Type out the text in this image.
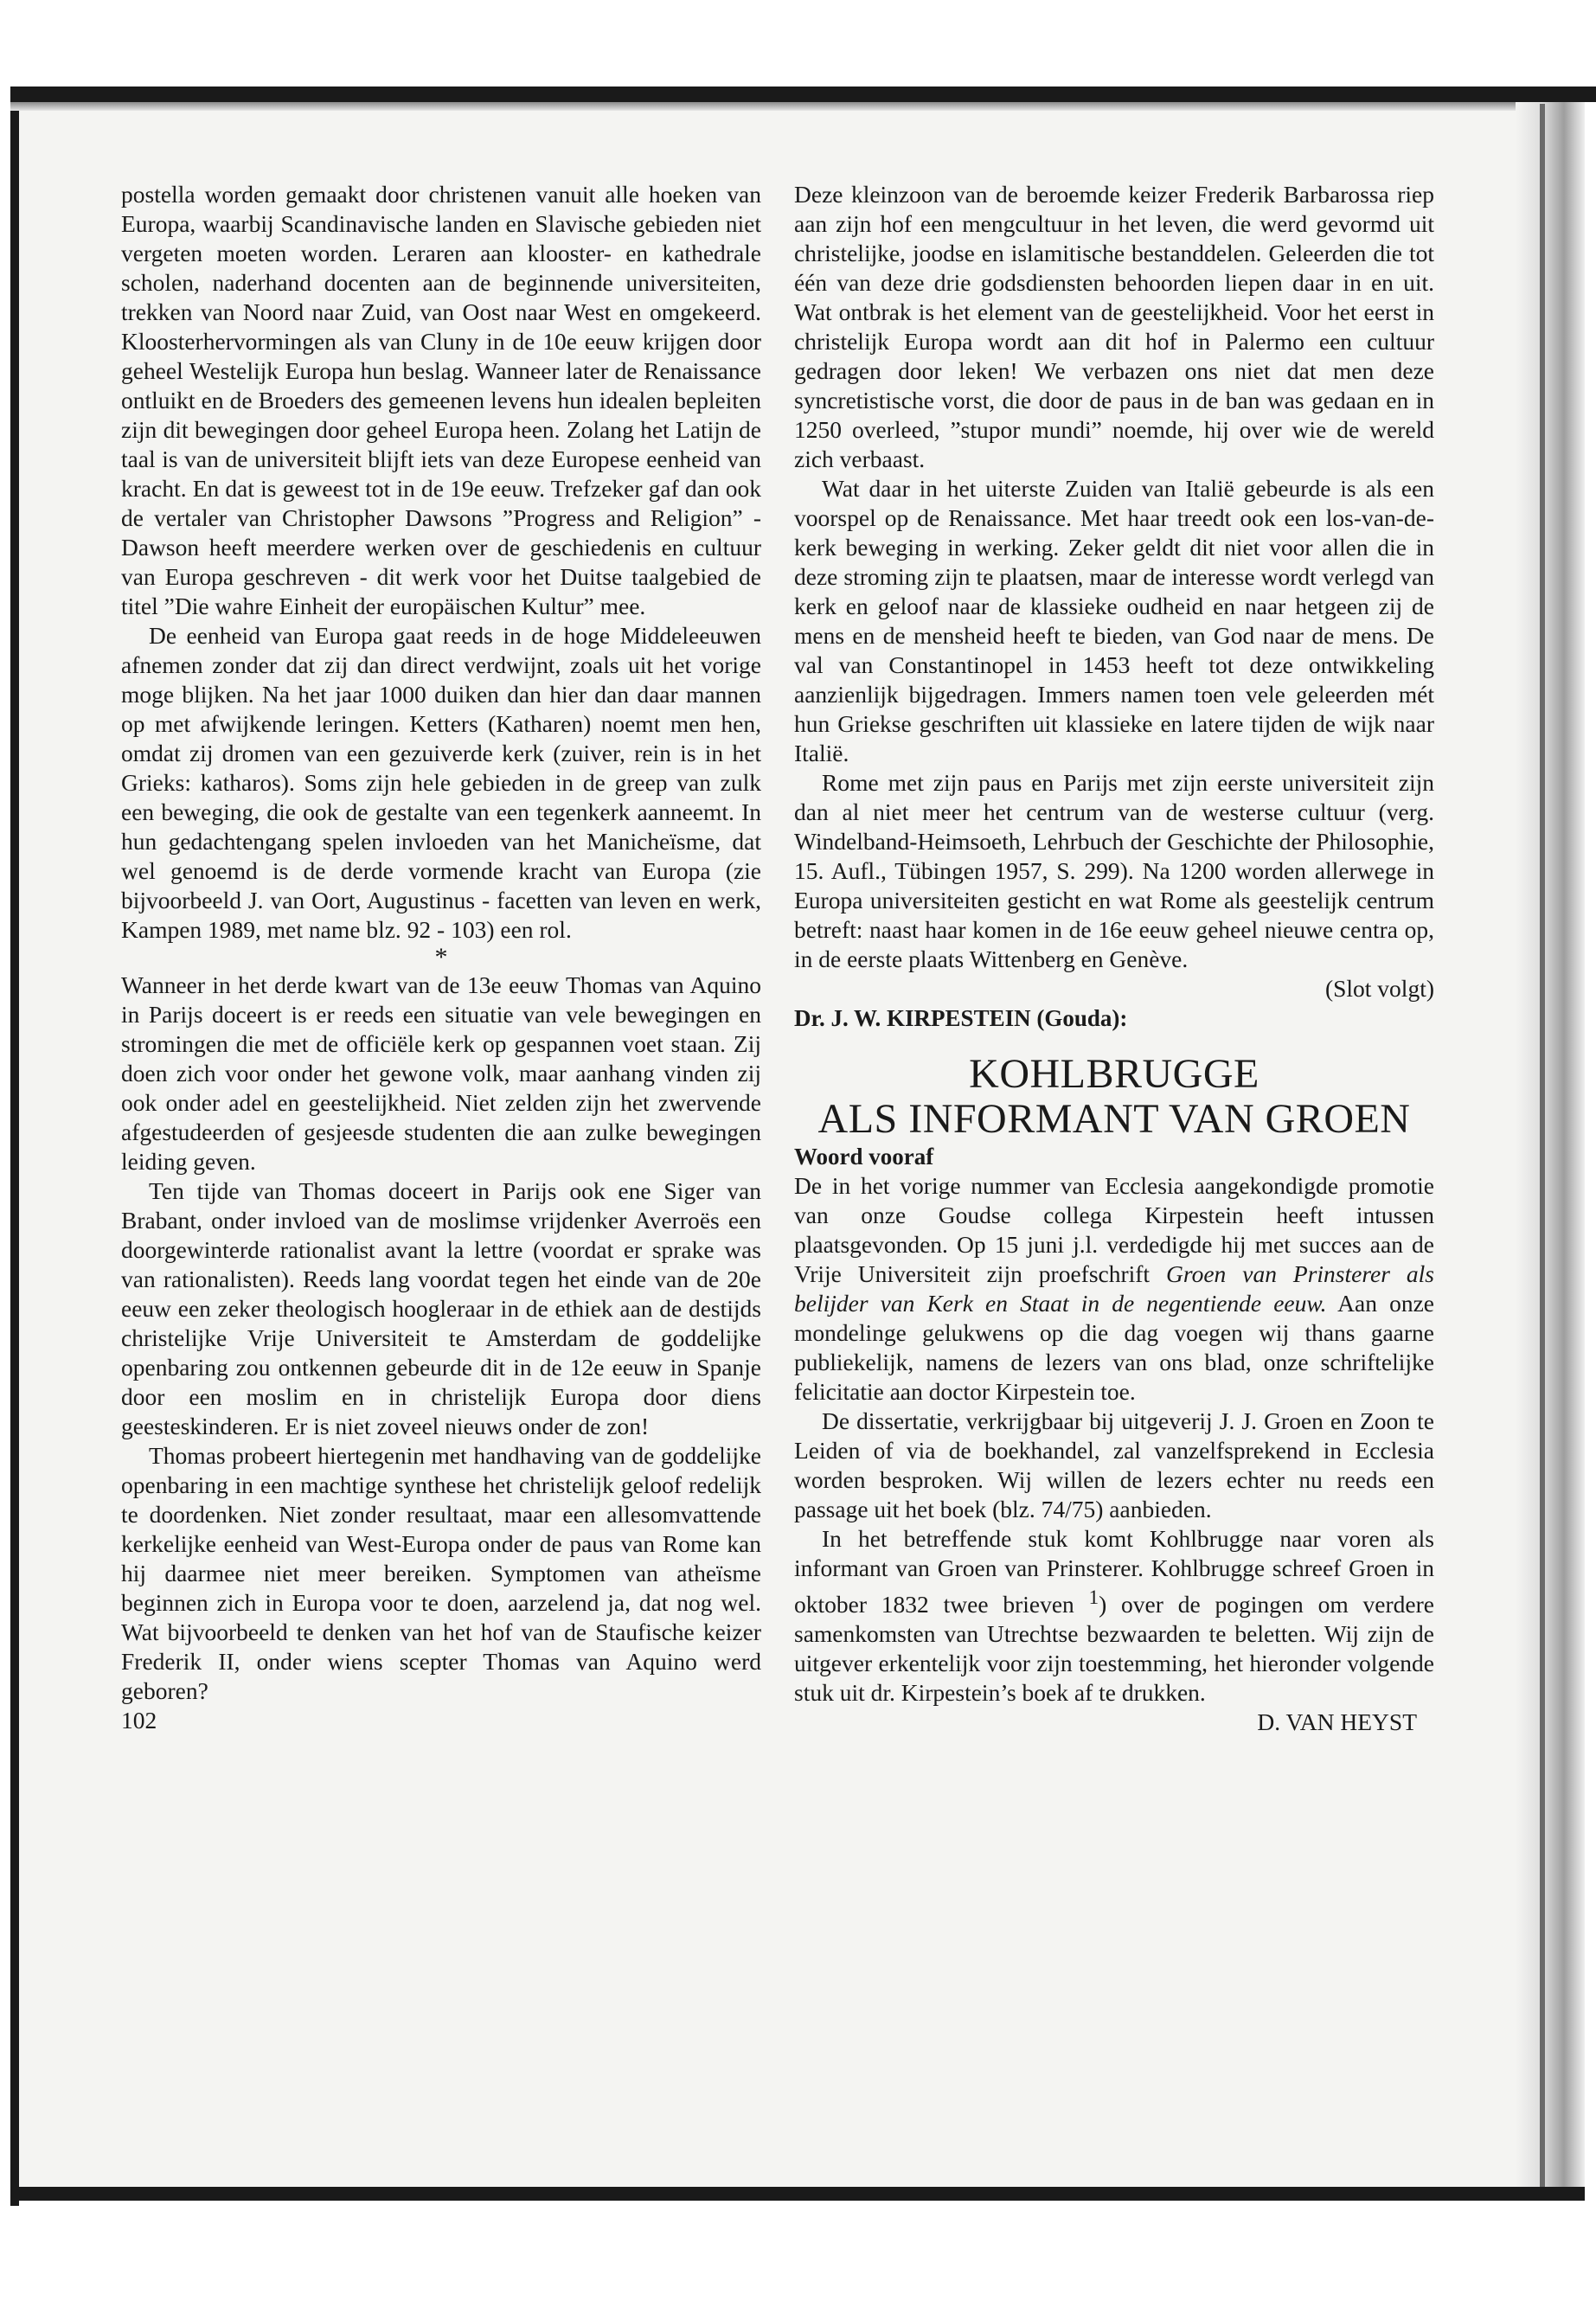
postella worden gemaakt door christenen vanuit alle hoeken van Europa, waarbij Scandinavische landen en Slavische gebieden niet vergeten moeten worden. Leraren aan klooster- en kathedrale scholen, naderhand docenten aan de beginnende universiteiten, trekken van Noord naar Zuid, van Oost naar West en omgekeerd. Kloosterhervormingen als van Cluny in de 10e eeuw krijgen door geheel Westelijk Europa hun beslag. Wanneer later de Renaissance ontluikt en de Broeders des gemeenen levens hun idealen bepleiten zijn dit bewegingen door geheel Europa heen. Zolang het Latijn de taal is van de universiteit blijft iets van deze Europese eenheid van kracht. En dat is geweest tot in de 19e eeuw. Trefzeker gaf dan ook de vertaler van Christopher Dawsons ”Progress and Religion” - Dawson heeft meerdere werken over de geschiedenis en cultuur van Europa geschreven - dit werk voor het Duitse taalgebied de titel ”Die wahre Einheit der europäischen Kultur” mee.

De eenheid van Europa gaat reeds in de hoge Middeleeuwen afnemen zonder dat zij dan direct verdwijnt, zoals uit het vorige moge blijken. Na het jaar 1000 duiken dan hier dan daar mannen op met afwijkende leringen. Ketters (Katharen) noemt men hen, omdat zij dromen van een gezuiverde kerk (zuiver, rein is in het Grieks: katharos). Soms zijn hele gebieden in de greep van zulk een beweging, die ook de gestalte van een tegenkerk aanneemt. In hun gedachtengang spelen invloeden van het Manicheïsme, dat wel genoemd is de derde vormende kracht van Europa (zie bijvoorbeeld J. van Oort, Augustinus - facetten van leven en werk, Kampen 1989, met name blz. 92 - 103) een rol.

*

Wanneer in het derde kwart van de 13e eeuw Thomas van Aquino in Parijs doceert is er reeds een situatie van vele bewegingen en stromingen die met de officiële kerk op gespannen voet staan. Zij doen zich voor onder het gewone volk, maar aanhang vinden zij ook onder adel en geestelijkheid. Niet zelden zijn het zwervende afgestudeerden of gesjeesde studenten die aan zulke bewegingen leiding geven.

Ten tijde van Thomas doceert in Parijs ook ene Siger van Brabant, onder invloed van de moslimse vrijdenker Averroës een doorgewinterde rationalist avant la lettre (voordat er sprake was van rationalisten). Reeds lang voordat tegen het einde van de 20e eeuw een zeker theologisch hoogleraar in de ethiek aan de destijds christelijke Vrije Universiteit te Amsterdam de goddelijke openbaring zou ontkennen gebeurde dit in de 12e eeuw in Spanje door een moslim en in christelijk Europa door diens geesteskinderen. Er is niet zoveel nieuws onder de zon!

Thomas probeert hiertegenin met handhaving van de goddelijke openbaring in een machtige synthese het christelijk geloof redelijk te doordenken. Niet zonder resultaat, maar een allesomvattende kerkelijke eenheid van West-Europa onder de paus van Rome kan hij daarmee niet meer bereiken. Symptomen van atheïsme beginnen zich in Europa voor te doen, aarzelend ja, dat nog wel. Wat bijvoorbeeld te denken van het hof van de Staufische keizer Frederik II, onder wiens scepter Thomas van Aquino werd geboren?

102

Deze kleinzoon van de beroemde keizer Frederik Barbarossa riep aan zijn hof een mengcultuur in het leven, die werd gevormd uit christelijke, joodse en islamitische bestanddelen. Geleerden die tot één van deze drie godsdiensten behoorden liepen daar in en uit. Wat ontbrak is het element van de geestelijkheid. Voor het eerst in christelijk Europa wordt aan dit hof in Palermo een cultuur gedragen door leken! We verbazen ons niet dat men deze syncretistische vorst, die door de paus in de ban was gedaan en in 1250 overleed, ”stupor mundi” noemde, hij over wie de wereld zich verbaast.

Wat daar in het uiterste Zuiden van Italië gebeurde is als een voorspel op de Renaissance. Met haar treedt ook een los-van-de-kerk beweging in werking. Zeker geldt dit niet voor allen die in deze stroming zijn te plaatsen, maar de interesse wordt verlegd van kerk en geloof naar de klassieke oudheid en naar hetgeen zij de mens en de mensheid heeft te bieden, van God naar de mens. De val van Constantinopel in 1453 heeft tot deze ontwikkeling aanzienlijk bijgedragen. Immers namen toen vele geleerden mét hun Griekse geschriften uit klassieke en latere tijden de wijk naar Italië.

Rome met zijn paus en Parijs met zijn eerste universiteit zijn dan al niet meer het centrum van de westerse cultuur (verg. Windelband-Heimsoeth, Lehrbuch der Geschichte der Philosophie, 15. Aufl., Tübingen 1957, S. 299). Na 1200 worden allerwege in Europa universiteiten gesticht en wat Rome als geestelijk centrum betreft: naast haar komen in de 16e eeuw geheel nieuwe centra op, in de eerste plaats Wittenberg en Genève.

(Slot volgt)

Dr. J. W. KIRPESTEIN (Gouda):

KOHLBRUGGE
ALS INFORMANT VAN GROEN

Woord vooraf

De in het vorige nummer van Ecclesia aangekondigde promotie van onze Goudse collega Kirpestein heeft intussen plaatsgevonden. Op 15 juni j.l. verdedigde hij met succes aan de Vrije Universiteit zijn proefschrift Groen van Prinsterer als belijder van Kerk en Staat in de negentiende eeuw. Aan onze mondelinge gelukwens op die dag voegen wij thans gaarne publiekelijk, namens de lezers van ons blad, onze schriftelijke felicitatie aan doctor Kirpestein toe.

De dissertatie, verkrijgbaar bij uitgeverij J. J. Groen en Zoon te Leiden of via de boekhandel, zal vanzelfsprekend in Ecclesia worden besproken. Wij willen de lezers echter nu reeds een passage uit het boek (blz. 74/75) aanbieden.

In het betreffende stuk komt Kohlbrugge naar voren als informant van Groen van Prinsterer. Kohlbrugge schreef Groen in oktober 1832 twee brieven $^1$) over de pogingen om verdere samenkomsten van Utrechtse bezwaarden te beletten. Wij zijn de uitgever erkentelijk voor zijn toestemming, het hieronder volgende stuk uit dr. Kirpestein’s boek af te drukken.

D. VAN HEYST
